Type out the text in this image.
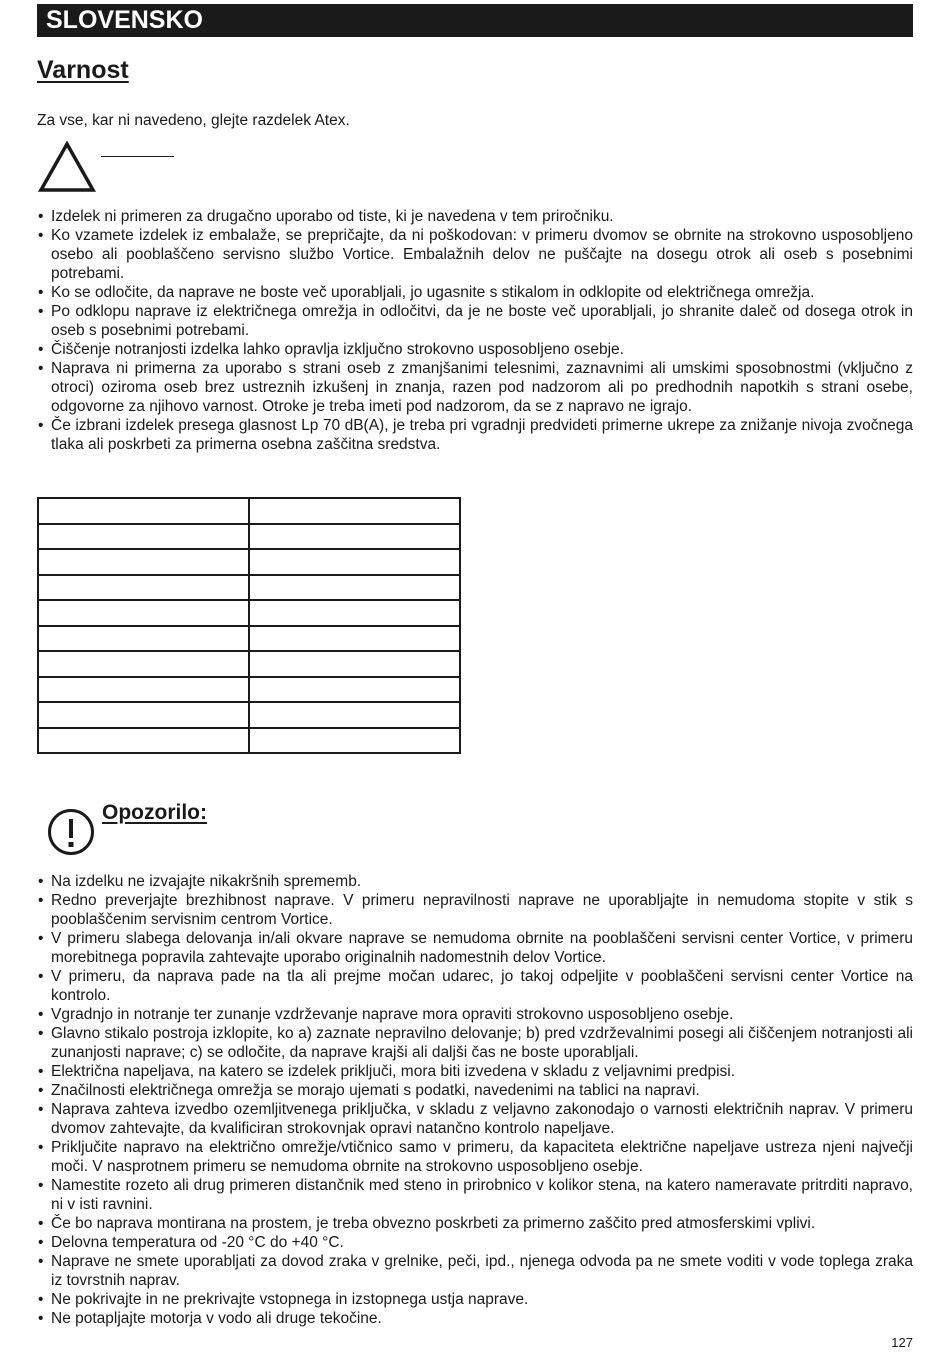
SLOVENSKO
Varnost
Za vse, kar ni navedeno, glejte razdelek Atex.
• Izdelek ni primeren za drugačno uporabo od tiste, ki je navedena v tem priročniku.
• Ko vzamete izdelek iz embalaže, se prepričajte, da ni poškodovan: v primeru dvomov se obrnite na strokovno usposobljeno osebo ali pooblaščeno servisno službo Vortice. Embalažnih delov ne puščajte na dosegu otrok ali oseb s posebnimi potrebami.
• Ko se odločite, da naprave ne boste več uporabljali, jo ugasnite s stikalom in odklopite od električnega omrežja.
• Po odklopu naprave iz električnega omrežja in odločitvi, da je ne boste več uporabljali, jo shranite daleč od dosega otrok in oseb s posebnimi potrebami.
• Čiščenje notranjosti izdelka lahko opravlja izključno strokovno usposobljeno osebje.
• Naprava ni primerna za uporabo s strani oseb z zmanjšanimi telesnimi, zaznavnimi ali umskimi sposobnostmi (vključno z otroci) oziroma oseb brez ustreznih izkušenj in znanja, razen pod nadzorom ali po predhodnih napotkih s strani osebe, odgovorne za njihovo varnost. Otroke je treba imeti pod nadzorom, da se z napravo ne igrajo.
• Če izbrani izdelek presega glasnost Lp 70 dB(A), je treba pri vgradnji predvideti primerne ukrepe za znižanje nivoja zvočnega tlaka ali poskrbeti za primerna osebna zaščitna sredstva.

Opozorilo:
• Na izdelku ne izvajajte nikakršnih sprememb.
• Redno preverjajte brezhibnost naprave. V primeru nepravilnosti naprave ne uporabljajte in nemudoma stopite v stik s pooblaščenim servisnim centrom Vortice.
• V primeru slabega delovanja in/ali okvare naprave se nemudoma obrnite na pooblaščeni servisni center Vortice, v primeru morebitnega popravila zahtevajte uporabo originalnih nadomestnih delov Vortice.
• V primeru, da naprava pade na tla ali prejme močan udarec, jo takoj odpeljite v pooblaščeni servisni center Vortice na kontrolo.
• Vgradnjo in notranje ter zunanje vzdrževanje naprave mora opraviti strokovno usposobljeno osebje.
• Glavno stikalo postroja izklopite, ko a) zaznate nepravilno delovanje; b) pred vzdrževalnimi posegi ali čiščenjem notranjosti ali zunanjosti naprave; c) se odločite, da naprave krajši ali daljši čas ne boste uporabljali.
• Električna napeljava, na katero se izdelek priključi, mora biti izvedena v skladu z veljavnimi predpisi.
• Značilnosti električnega omrežja se morajo ujemati s podatki, navedenimi na tablici na napravi.
• Naprava zahteva izvedbo ozemljitvenega priključka, v skladu z veljavno zakonodajo o varnosti električnih naprav. V primeru dvomov zahtevajte, da kvalificiran strokovnjak opravi natančno kontrolo napeljave.
• Priključite napravo na električno omrežje/vtičnico samo v primeru, da kapaciteta električne napeljave ustreza njeni največji moči. V nasprotnem primeru se nemudoma obrnite na strokovno usposobljeno osebje.
• Namestite rozeto ali drug primeren distančnik med steno in prirobnico v kolikor stena, na katero nameravate pritrditi napravo, ni v isti ravnini.
• Če bo naprava montirana na prostem, je treba obvezno poskrbeti za primerno zaščito pred atmosferskimi vplivi.
• Delovna temperatura od -20 °C do +40 °C.
• Naprave ne smete uporabljati za dovod zraka v grelnike, peči, ipd., njenega odvoda pa ne smete voditi v vode toplega zraka iz tovrstnih naprav.
• Ne pokrivajte in ne prekrivajte vstopnega in izstopnega ustja naprave.
• Ne potapljajte motorja v vodo ali druge tekočine.
127
